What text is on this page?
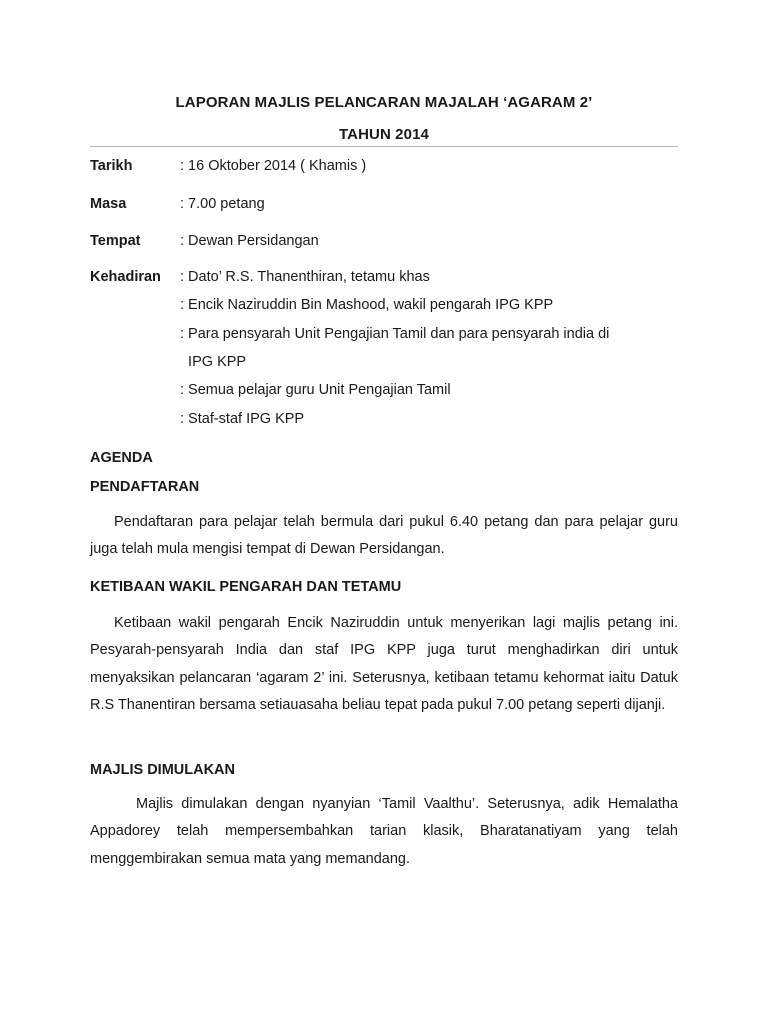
LAPORAN MAJLIS PELANCARAN MAJALAH ‘AGARAM 2’
TAHUN 2014
Tarikh	: 16 Oktober 2014 ( Khamis )
Masa	: 7.00 petang
Tempat	: Dewan Persidangan
Kehadiran	: Dato’ R.S. Thanenthiran, tetamu khas
: Encik Naziruddin Bin Mashood, wakil pengarah IPG KPP
: Para pensyarah Unit Pengajian Tamil dan para pensyarah india di
IPG KPP
: Semua pelajar guru Unit Pengajian Tamil
: Staf-staf IPG KPP
AGENDA
PENDAFTARAN
Pendaftaran para pelajar telah bermula dari pukul 6.40 petang dan para pelajar guru juga telah mula mengisi tempat di Dewan Persidangan.
KETIBAAN WAKIL PENGARAH DAN TETAMU
Ketibaan wakil pengarah Encik Naziruddin untuk menyerikan lagi majlis petang ini. Pesyarah-pensyarah India dan staf IPG KPP juga turut menghadirkan diri untuk menyaksikan pelancaran ‘agaram 2’ ini. Seterusnya, ketibaan tetamu kehormat iaitu Datuk R.S Thanentiran bersama setiauasaha beliau tepat pada pukul 7.00 petang seperti dijanji.
MAJLIS DIMULAKAN
Majlis dimulakan dengan nyanyian ‘Tamil Vaalthu’. Seterusnya, adik Hemalatha Appadorey telah mempersembahkan tarian klasik, Bharatanatiyam yang telah menggembirakan semua mata yang memandang.
